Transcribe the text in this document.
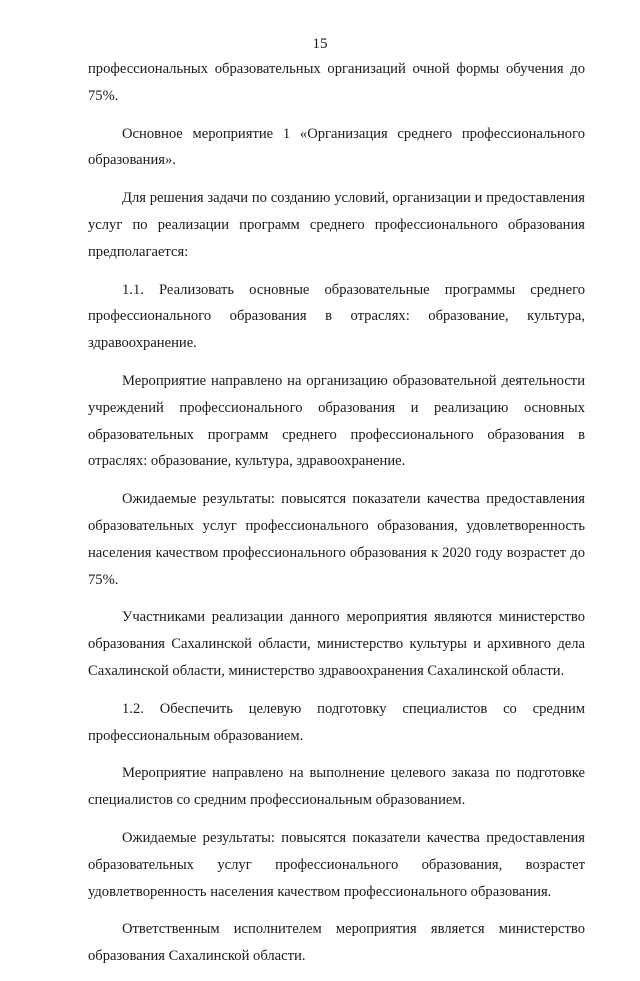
15

профессиональных образовательных организаций очной формы обучения до 75%.

Основное мероприятие 1 «Организация среднего профессионального образования».

Для решения задачи по созданию условий, организации и предоставления услуг по реализации программ среднего профессионального образования предполагается:

1.1. Реализовать основные образовательные программы среднего профессионального образования в отраслях: образование, культура, здравоохранение.

Мероприятие направлено на организацию образовательной деятельности учреждений профессионального образования и реализацию основных образовательных программ среднего профессионального образования в отраслях: образование, культура, здравоохранение.

Ожидаемые результаты: повысятся показатели качества предоставления образовательных услуг профессионального образования, удовлетворенность населения качеством профессионального образования к 2020 году возрастет до 75%.

Участниками реализации данного мероприятия являются министерство образования Сахалинской области, министерство культуры и архивного дела Сахалинской области, министерство здравоохранения Сахалинской области.

1.2. Обеспечить целевую подготовку специалистов со средним профессиональным образованием.

Мероприятие направлено на выполнение целевого заказа по подготовке специалистов со средним профессиональным образованием.

Ожидаемые результаты: повысятся показатели качества предоставления образовательных услуг профессионального образования, возрастет удовлетворенность населения качеством профессионального образования.

Ответственным исполнителем мероприятия является министерство образования Сахалинской области.
